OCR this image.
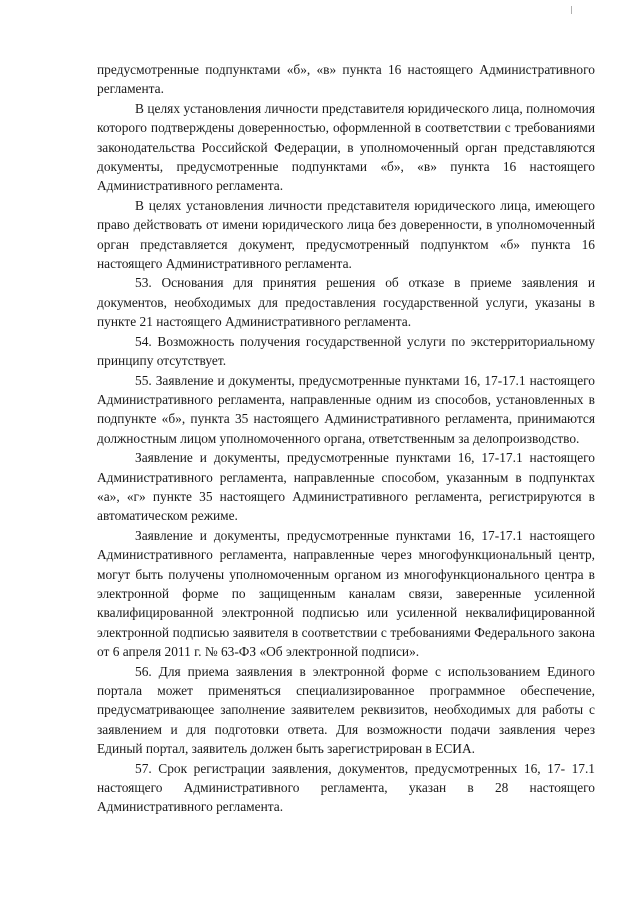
предусмотренные подпунктами «б», «в» пункта 16 настоящего Административного регламента.

В целях установления личности представителя юридического лица, полномочия которого подтверждены доверенностью, оформленной в соответствии с требованиями законодательства Российской Федерации, в уполномоченный орган представляются документы, предусмотренные подпунктами «б», «в» пункта 16 настоящего Административного регламента.

В целях установления личности представителя юридического лица, имеющего право действовать от имени юридического лица без доверенности, в уполномоченный орган представляется документ, предусмотренный подпунктом «б» пункта 16 настоящего Административного регламента.

53. Основания для принятия решения об отказе в приеме заявления и документов, необходимых для предоставления государственной услуги, указаны в пункте 21 настоящего Административного регламента.

54. Возможность получения государственной услуги по экстерриториальному принципу отсутствует.

55. Заявление и документы, предусмотренные пунктами 16, 17-17.1 настоящего Административного регламента, направленные одним из способов, установленных в подпункте «б», пункта 35 настоящего Административного регламента, принимаются должностным лицом уполномоченного органа, ответственным за делопроизводство.

Заявление и документы, предусмотренные пунктами 16, 17-17.1 настоящего Административного регламента, направленные способом, указанным в подпунктах «а», «г» пункте 35 настоящего Административного регламента, регистрируются в автоматическом режиме.

Заявление и документы, предусмотренные пунктами 16, 17-17.1 настоящего Административного регламента, направленные через многофункциональный центр, могут быть получены уполномоченным органом из многофункционального центра в электронной форме по защищенным каналам связи, заверенные усиленной квалифицированной электронной подписью или усиленной неквалифицированной электронной подписью заявителя в соответствии с требованиями Федерального закона от 6 апреля 2011 г. № 63-ФЗ «Об электронной подписи».

56. Для приема заявления в электронной форме с использованием Единого портала может применяться специализированное программное обеспечение, предусматривающее заполнение заявителем реквизитов, необходимых для работы с заявлением и для подготовки ответа. Для возможности подачи заявления через Единый портал, заявитель должен быть зарегистрирован в ЕСИА.

57. Срок регистрации заявления, документов, предусмотренных 16, 17- 17.1 настоящего Административного регламента, указан в 28 настоящего Административного регламента.
